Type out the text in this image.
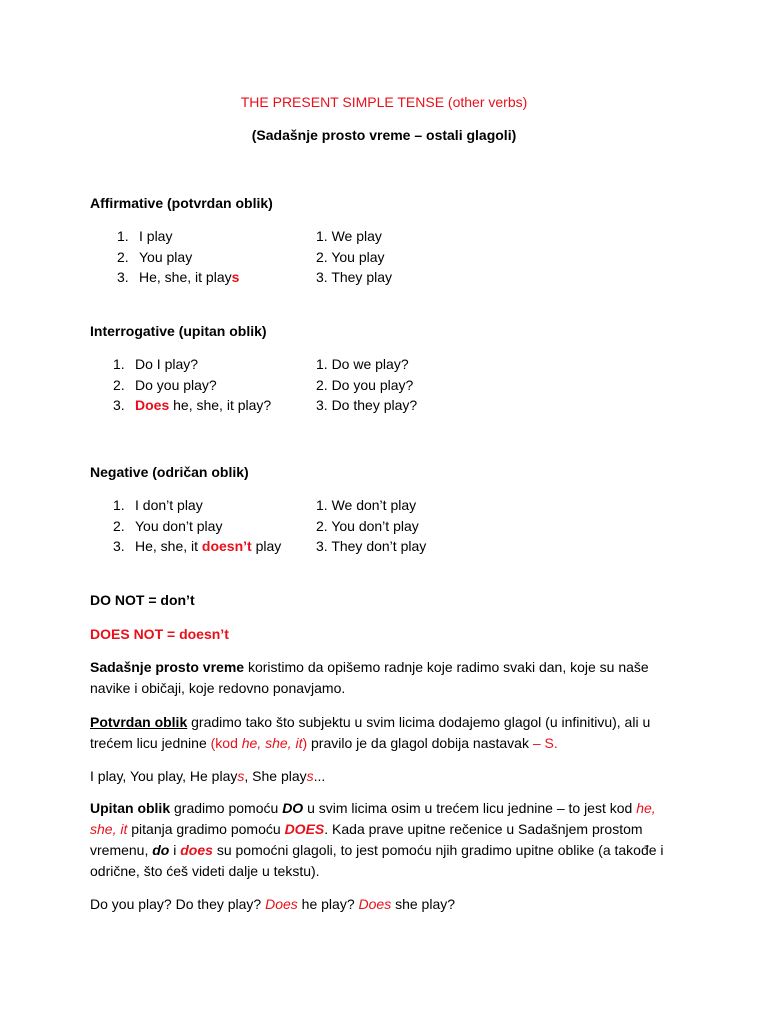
THE PRESENT SIMPLE TENSE (other verbs)
(Sadašnje prosto vreme – ostali glagoli)
Affirmative (potvrdan oblik)
1. I play
2. You play
3. He, she, it plays
1. We play
2. You play
3. They play
Interrogative (upitan oblik)
1. Do I play?
2. Do you play?
3. Does he, she, it play?
1. Do we play?
2. Do you play?
3. Do they play?
Negative (odričan oblik)
1. I don’t play
2. You don’t play
3. He, she, it doesn’t play
1. We don’t play
2. You don’t play
3. They don’t play
DO NOT = don’t
DOES NOT = doesn’t
Sadašnje prosto vreme koristimo da opišemo radnje koje radimo svaki dan, koje su naše navike i običaji, koje redovno ponavjamo.
Potvrdan oblik gradimo tako što subjektu u svim licima dodajemo glagol (u infinitivu), ali u trećem licu jednine (kod he, she, it) pravilo je da glagol dobija nastavak – S.
I play, You play, He plays, She plays...
Upitan oblik gradimo pomoću DO u svim licima osim u trećem licu jednine – to jest kod he, she, it pitanja gradimo pomoću DOES. Kada prave upitne rečenice u Sadašnjem prostom vremenu, do i does su pomoćni glagoli, to jest pomoću njih gradimo upitne oblike (a takođe i odrične, što ćeš videti dalje u tekstu).
Do you play? Do they play? Does he play? Does she play?
